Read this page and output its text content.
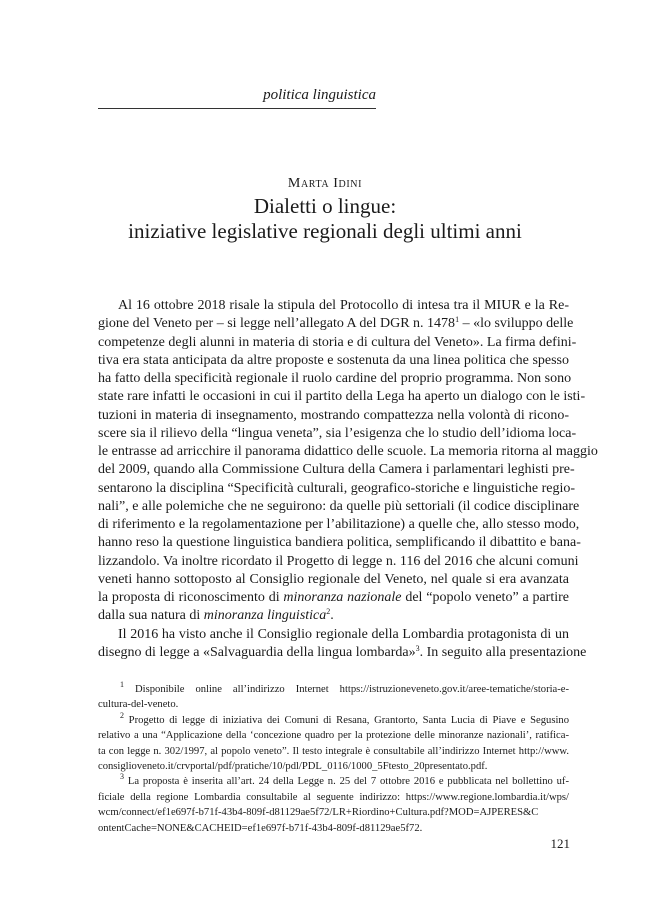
politica linguistica
Marta Idini
Dialetti o lingue:
iniziative legislative regionali degli ultimi anni

Al 16 ottobre 2018 risale la stipula del Protocollo di intesa tra il MIUR e la Re-
gione del Veneto per – si legge nell’allegato A del DGR n. 1478$^1$ – «lo sviluppo delle
competenze degli alunni in materia di storia e di cultura del Veneto». La firma defini-
tiva era stata anticipata da altre proposte e sostenuta da una linea politica che spesso
ha fatto della specificità regionale il ruolo cardine del proprio programma. Non sono
state rare infatti le occasioni in cui il partito della Lega ha aperto un dialogo con le isti-
tuzioni in materia di insegnamento, mostrando compattezza nella volontà di ricono-
scere sia il rilievo della “lingua veneta”, sia l’esigenza che lo studio dell’idioma loca-
le entrasse ad arricchire il panorama didattico delle scuole. La memoria ritorna al maggio
del 2009, quando alla Commissione Cultura della Camera i parlamentari leghisti pre-
sentarono la disciplina “Specificità culturali, geografico-storiche e linguistiche regio-
nali”, e alle polemiche che ne seguirono: da quelle più settoriali (il codice disciplinare
di riferimento e la regolamentazione per l’abilitazione) a quelle che, allo stesso modo,
hanno reso la questione linguistica bandiera politica, semplificando il dibattito e bana-
lizzandolo. Va inoltre ricordato il Progetto di legge n. 116 del 2016 che alcuni comuni
veneti hanno sottoposto al Consiglio regionale del Veneto, nel quale si era avanzata
la proposta di riconoscimento di minoranza nazionale del “popolo veneto” a partire
dalla sua natura di minoranza linguistica$^2$.

Il 2016 ha visto anche il Consiglio regionale della Lombardia protagonista di un
disegno di legge a «Salvaguardia della lingua lombarda»$^3$. In seguito alla presentazione

$^1$ Disponibile online all’indirizzo Internet https://istruzioneveneto.gov.it/aree-tematiche/storia-e-
cultura-del-veneto.
$^2$ Progetto di legge di iniziativa dei Comuni di Resana, Grantorto, Santa Lucia di Piave e Segusino
relativo a una “Applicazione della ‘concezione quadro per la protezione delle minoranze nazionali’, ratifica-
ta con legge n. 302/1997, al popolo veneto”. Il testo integrale è consultabile all’indirizzo Internet http://www.
consiglioveneto.it/crvportal/pdf/pratiche/10/pdl/PDL_0116/1000_5Ftesto_20presentato.pdf.
$^3$ La proposta è inserita all’art. 24 della Legge n. 25 del 7 ottobre 2016 e pubblicata nel bollettino uf-
ficiale della regione Lombardia consultabile al seguente indirizzo: https://www.regione.lombardia.it/wps/
wcm/connect/ef1e697f-b71f-43b4-809f-d81129ae5f72/LR+Riordino+Cultura.pdf?MOD=AJPERES&C
ontentCache=NONE&CACHEID=ef1e697f-b71f-43b4-809f-d81129ae5f72.
121
